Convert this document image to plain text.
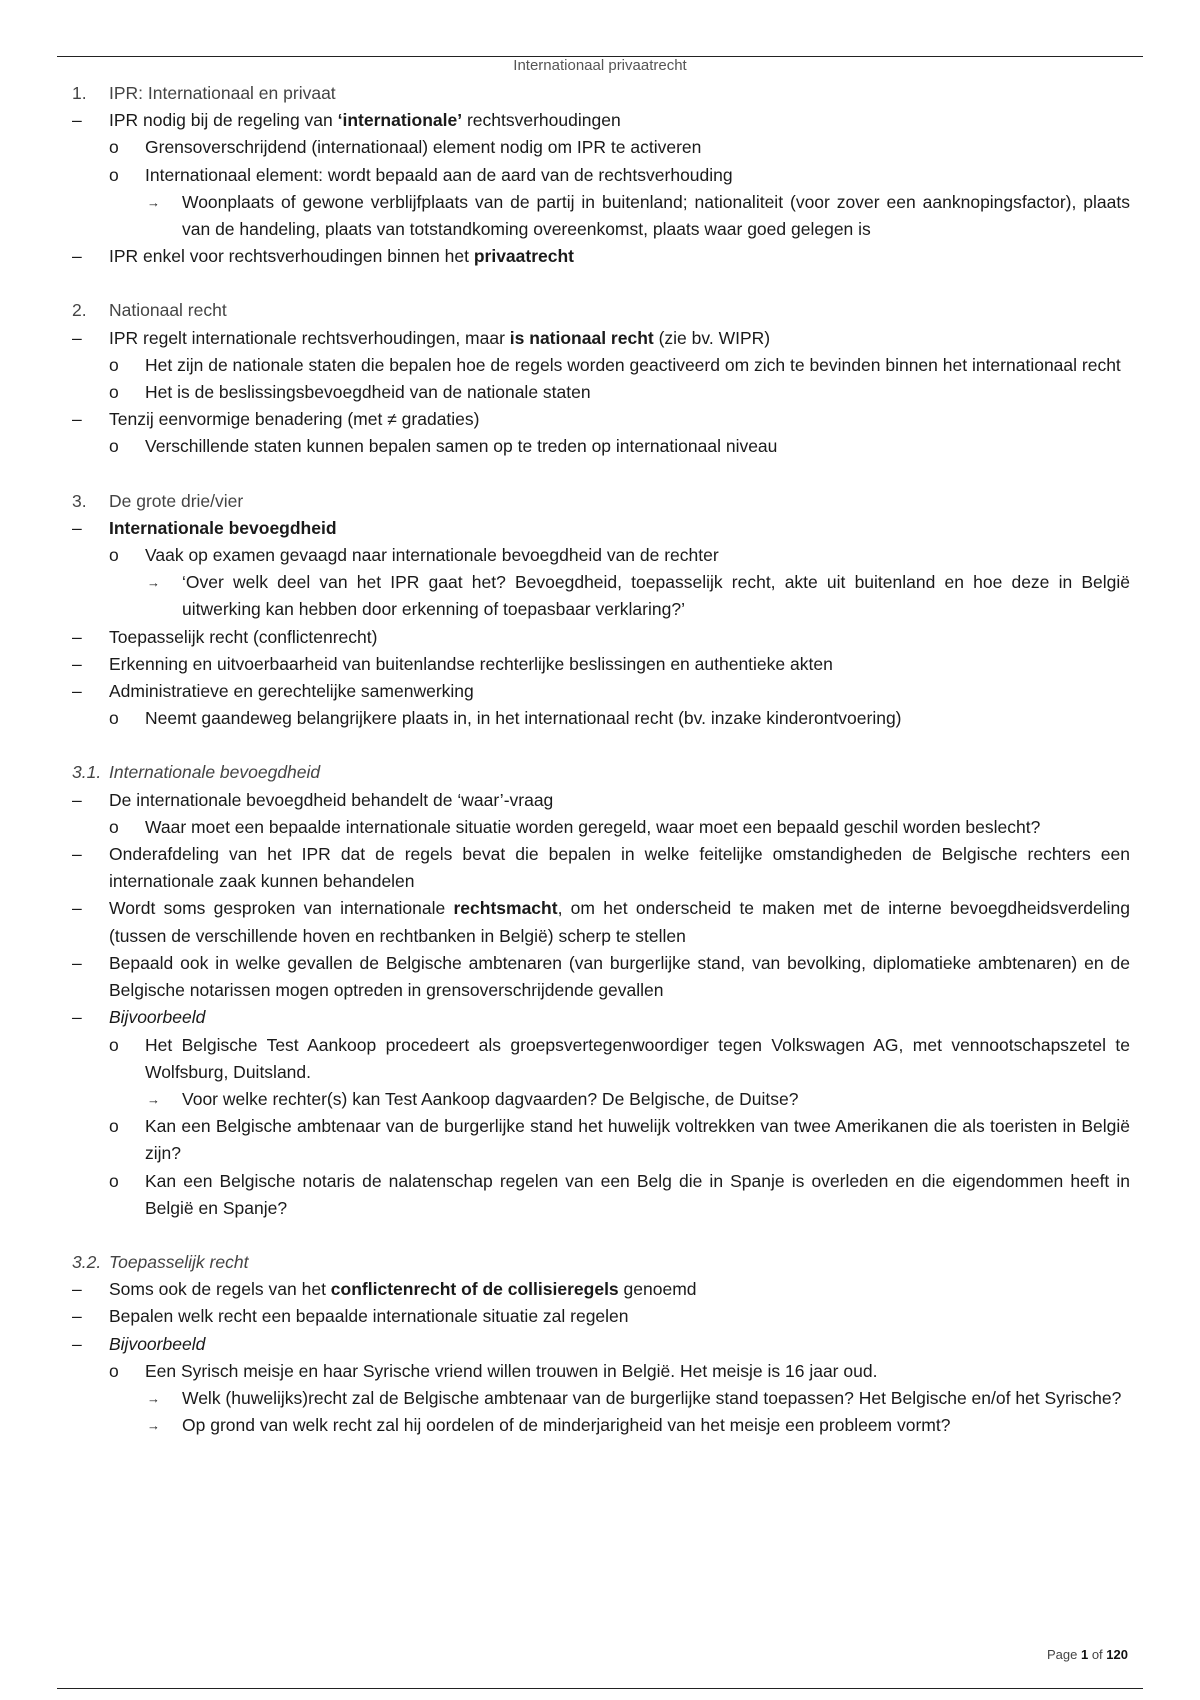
Internationaal privaatrecht
1. IPR: Internationaal en privaat
– IPR nodig bij de regeling van ‘internationale’ rechtsverhoudingen
o Grensoverschrijdend (internationaal) element nodig om IPR te activeren
o Internationaal element: wordt bepaald aan de aard van de rechtsverhouding
→ Woonplaats of gewone verblijfplaats van de partij in buitenland; nationaliteit (voor zover een aanknopingsfactor), plaats van de handeling, plaats van totstandkoming overeenkomst, plaats waar goed gelegen is
– IPR enkel voor rechtsverhoudingen binnen het privaatrecht
2. Nationaal recht
– IPR regelt internationale rechtsverhoudingen, maar is nationaal recht (zie bv. WIPR)
o Het zijn de nationale staten die bepalen hoe de regels worden geactiveerd om zich te bevinden binnen het internationaal recht
o Het is de beslissingsbevoegdheid van de nationale staten
– Tenzij eenvormige benadering (met ≠ gradaties)
o Verschillende staten kunnen bepalen samen op te treden op internationaal niveau
3. De grote drie/vier
– Internationale bevoegdheid
o Vaak op examen gevaagd naar internationale bevoegdheid van de rechter
→ ‘Over welk deel van het IPR gaat het? Bevoegdheid, toepasselijk recht, akte uit buitenland en hoe deze in België uitwerking kan hebben door erkenning of toepasbaar verklaring?’
– Toepasselijk recht (conflictenrecht)
– Erkenning en uitvoerbaarheid van buitenlandse rechterlijke beslissingen en authentieke akten
– Administratieve en gerechtelijke samenwerking
o Neemt gaandeweg belangrijkere plaats in, in het internationaal recht (bv. inzake kinderontvoering)
3.1. Internationale bevoegdheid
– De internationale bevoegdheid behandelt de ‘waar’-vraag
o Waar moet een bepaalde internationale situatie worden geregeld, waar moet een bepaald geschil worden beslecht?
– Onderafdeling van het IPR dat de regels bevat die bepalen in welke feitelijke omstandigheden de Belgische rechters een internationale zaak kunnen behandelen
– Wordt soms gesproken van internationale rechtsmacht, om het onderscheid te maken met de interne bevoegdheidsverdeling (tussen de verschillende hoven en rechtbanken in België) scherp te stellen
– Bepaald ook in welke gevallen de Belgische ambtenaren (van burgerlijke stand, van bevolking, diplomatieke ambtenaren) en de Belgische notarissen mogen optreden in grensoverschrijdende gevallen
– Bijvoorbeeld
o Het Belgische Test Aankoop procedeert als groepsvertegenwoordiger tegen Volkswagen AG, met vennootschapszetel te Wolfsburg, Duitsland.
→ Voor welke rechter(s) kan Test Aankoop dagvaarden? De Belgische, de Duitse?
o Kan een Belgische ambtenaar van de burgerlijke stand het huwelijk voltrekken van twee Amerikanen die als toeristen in België zijn?
o Kan een Belgische notaris de nalatenschap regelen van een Belg die in Spanje is overleden en die eigendommen heeft in België en Spanje?
3.2. Toepasselijk recht
– Soms ook de regels van het conflictenrecht of de collisieregels genoemd
– Bepalen welk recht een bepaalde internationale situatie zal regelen
– Bijvoorbeeld
o Een Syrisch meisje en haar Syrische vriend willen trouwen in België. Het meisje is 16 jaar oud.
→ Welk (huwelijks)recht zal de Belgische ambtenaar van de burgerlijke stand toepassen? Het Belgische en/of het Syrische?
→ Op grond van welk recht zal hij oordelen of de minderjarigheid van het meisje een probleem vormt?
Page 1 of 120
